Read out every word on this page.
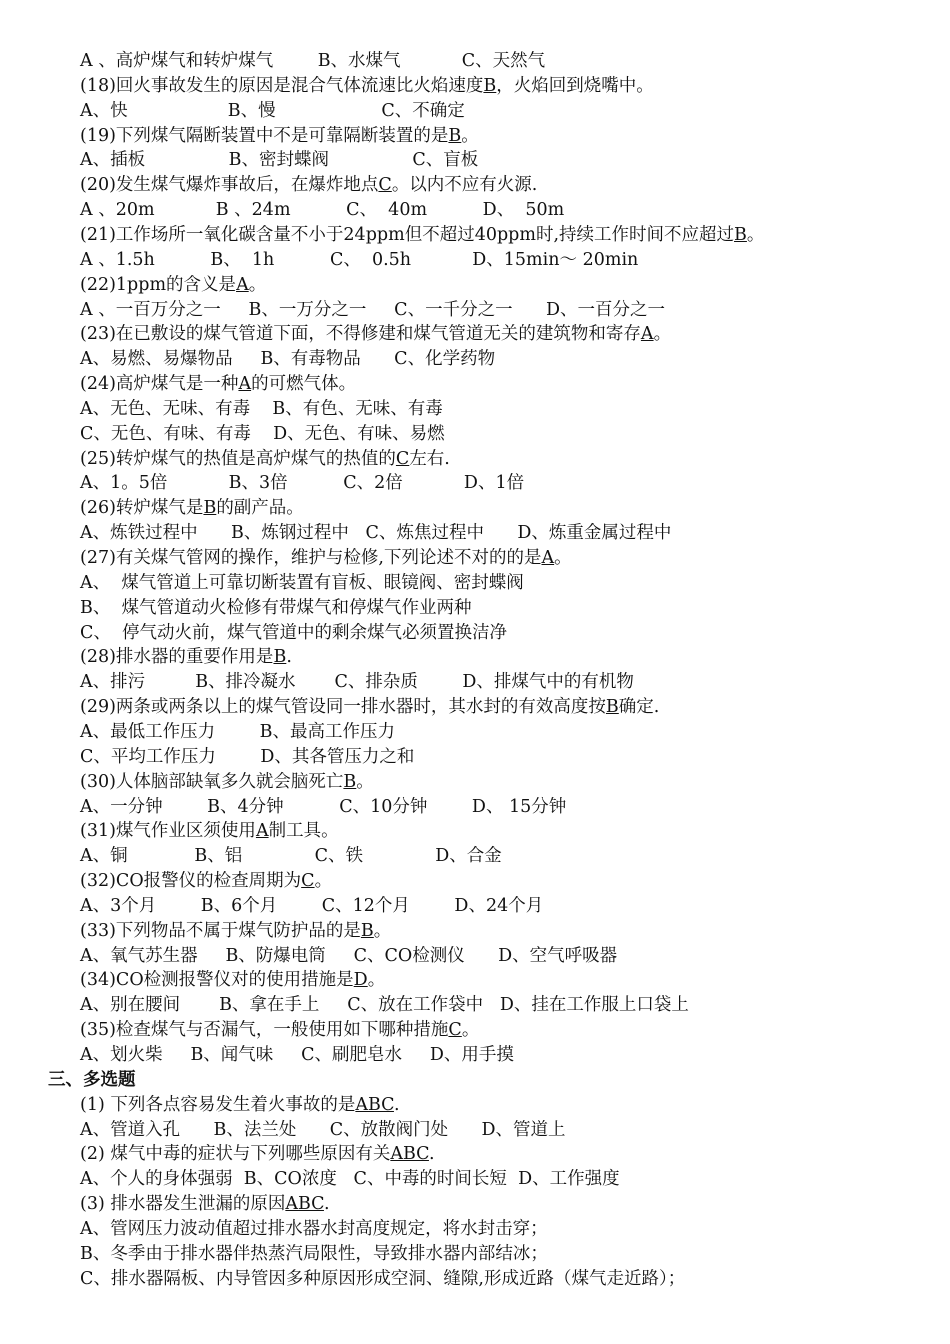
A 、高炉煤气和转炉煤气        B、水煤气           C、天然气
(18)回火事故发生的原因是混合气体流速比火焰速度B，火焰回到烧嘴中。
A、快                  B、慢                   C、不确定
(19)下列煤气隔断装置中不是可靠隔断装置的是B。
A、插板               B、密封蝶阀               C、盲板
(20)发生煤气爆炸事故后，在爆炸地点C。以内不应有火源.
A 、20m           B 、24m          C、  40m          D、  50m
(21)工作场所一氧化碳含量不小于24ppm但不超过40ppm时,持续工作时间不应超过B。
A 、1.5h          B、  1h          C、  0.5h           D、15min～ 20min
(22)1ppm的含义是A。
A 、一百万分之一     B、一万分之一     C、一千分之一      D、一百分之一
(23)在已敷设的煤气管道下面，不得修建和煤气管道无关的建筑物和寄存A。
A、易燃、易爆物品     B、有毒物品      C、化学药物
(24)高炉煤气是一种A的可燃气体。
A、无色、无味、有毒    B、有色、无味、有毒
C、无色、有味、有毒    D、无色、有味、易燃
(25)转炉煤气的热值是高炉煤气的热值的C左右.
A、1。5倍           B、3倍          C、2倍           D、1倍
(26)转炉煤气是B的副产品。
A、炼铁过程中      B、炼钢过程中   C、炼焦过程中      D、炼重金属过程中
(27)有关煤气管网的操作，维护与检修,下列论述不对的的是A。
A、  煤气管道上可靠切断装置有盲板、眼镜阀、密封蝶阀
B、  煤气管道动火检修有带煤气和停煤气作业两种
C、  停气动火前，煤气管道中的剩余煤气必须置换洁净
(28)排水器的重要作用是B.
A、排污         B、排冷凝水       C、排杂质        D、排煤气中的有机物
(29)两条或两条以上的煤气管设同一排水器时，其水封的有效高度按B确定.
A、最低工作压力        B、最高工作压力
C、平均工作压力        D、其各管压力之和
(30)人体脑部缺氧多久就会脑死亡B。
A、一分钟        B、4分钟          C、10分钟        D、 15分钟
(31)煤气作业区须使用A制工具。
A、铜            B、铝             C、铁             D、合金
(32)CO报警仪的检查周期为C。
A、3个月        B、6个月        C、12个月        D、24个月
(33)下列物品不属于煤气防护品的是B。
A、氧气苏生器     B、防爆电筒     C、CO检测仪      D、空气呼吸器
(34)CO检测报警仪对的使用措施是D。
A、别在腰间       B、拿在手上     C、放在工作袋中   D、挂在工作服上口袋上
(35)检查煤气与否漏气，一般使用如下哪种措施C。
A、划火柴     B、闻气味     C、刷肥皂水     D、用手摸
三、多选题
(1) 下列各点容易发生着火事故的是ABC.
A、管道入孔      B、法兰处      C、放散阀门处      D、管道上
(2) 煤气中毒的症状与下列哪些原因有关ABC.
A、个人的身体强弱  B、CO浓度   C、中毒的时间长短  D、工作强度
(3) 排水器发生泄漏的原因ABC.
A、管网压力波动值超过排水器水封高度规定，将水封击穿；
B、冬季由于排水器伴热蒸汽局限性，导致排水器内部结冰；
C、排水器隔板、内导管因多种原因形成空洞、缝隙,形成近路（煤气走近路）；
